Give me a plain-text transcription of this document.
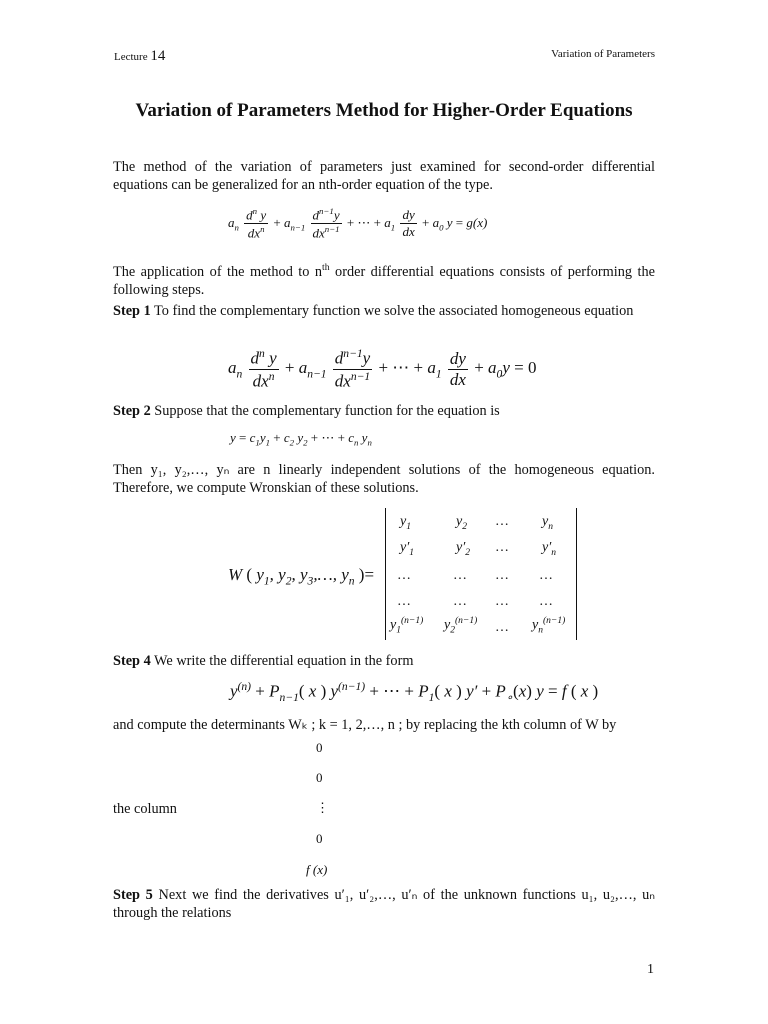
Lecture 14	Variation of Parameters
Variation of Parameters Method for Higher-Order Equations
The method of the variation of parameters just examined for second-order differential equations can be generalized for an nth-order equation of the type.
$a_n \frac{d^n y}{dx^n} + a_{n-1} \frac{d^{n-1}y}{dx^{n-1}}$ + ⋯ + $a_1 \frac{dy}{dx} + a_0$ y = g(x)
The application of the method to $n^{th}$ order differential equations consists of performing the following steps.
Step 1 To find the complementary function we solve the associated homogeneous equation
$a_n \frac{d^n y}{dx^n} + a_{n-1} \frac{d^{n-1}y}{dx^{n-1}}$ + ⋯ + $a_1 \frac{dy}{dx} + a_0y = 0$
Step 2 Suppose that the complementary function for the equation is
$y = c_1y_1 + c_2$ $y_2$ + ⋯ + $c_n$ $y_n$
Then y₁, y₂,…, yₙ are n linearly independent solutions of the homogeneous equation. Therefore, we compute Wronskian of these solutions.
W ( $y_1$, $y_2$, $y_3,\dots$, $y_n$ )=
$y_1$	$y_2$ … $y_n$
$y'_1$	$y'_2$ … $y'_n$
…	… … …
…	… … …
$y_1^{(n-1)}$ $y_2^{(n-1)}$ … $y_n^{(n-1)}$
Step 4 We write the differential equation in the form
$y^{(n)} + P_{n-1}$( x ) $y^{(n-1)}$ + ⋯ + $P_1$( x ) $y' + P_\circ(x) y = f$ ( x )
and compute the determinants Wₖ ; k = 1, 2,…, n ; by replacing the kth column of W by
0
0
the column	⋮
0
f (x)
Step 5 Next we find the derivatives u′₁, u′₂,…, u′ₙ of the unknown functions u₁, u₂,…, uₙ through the relations
1
